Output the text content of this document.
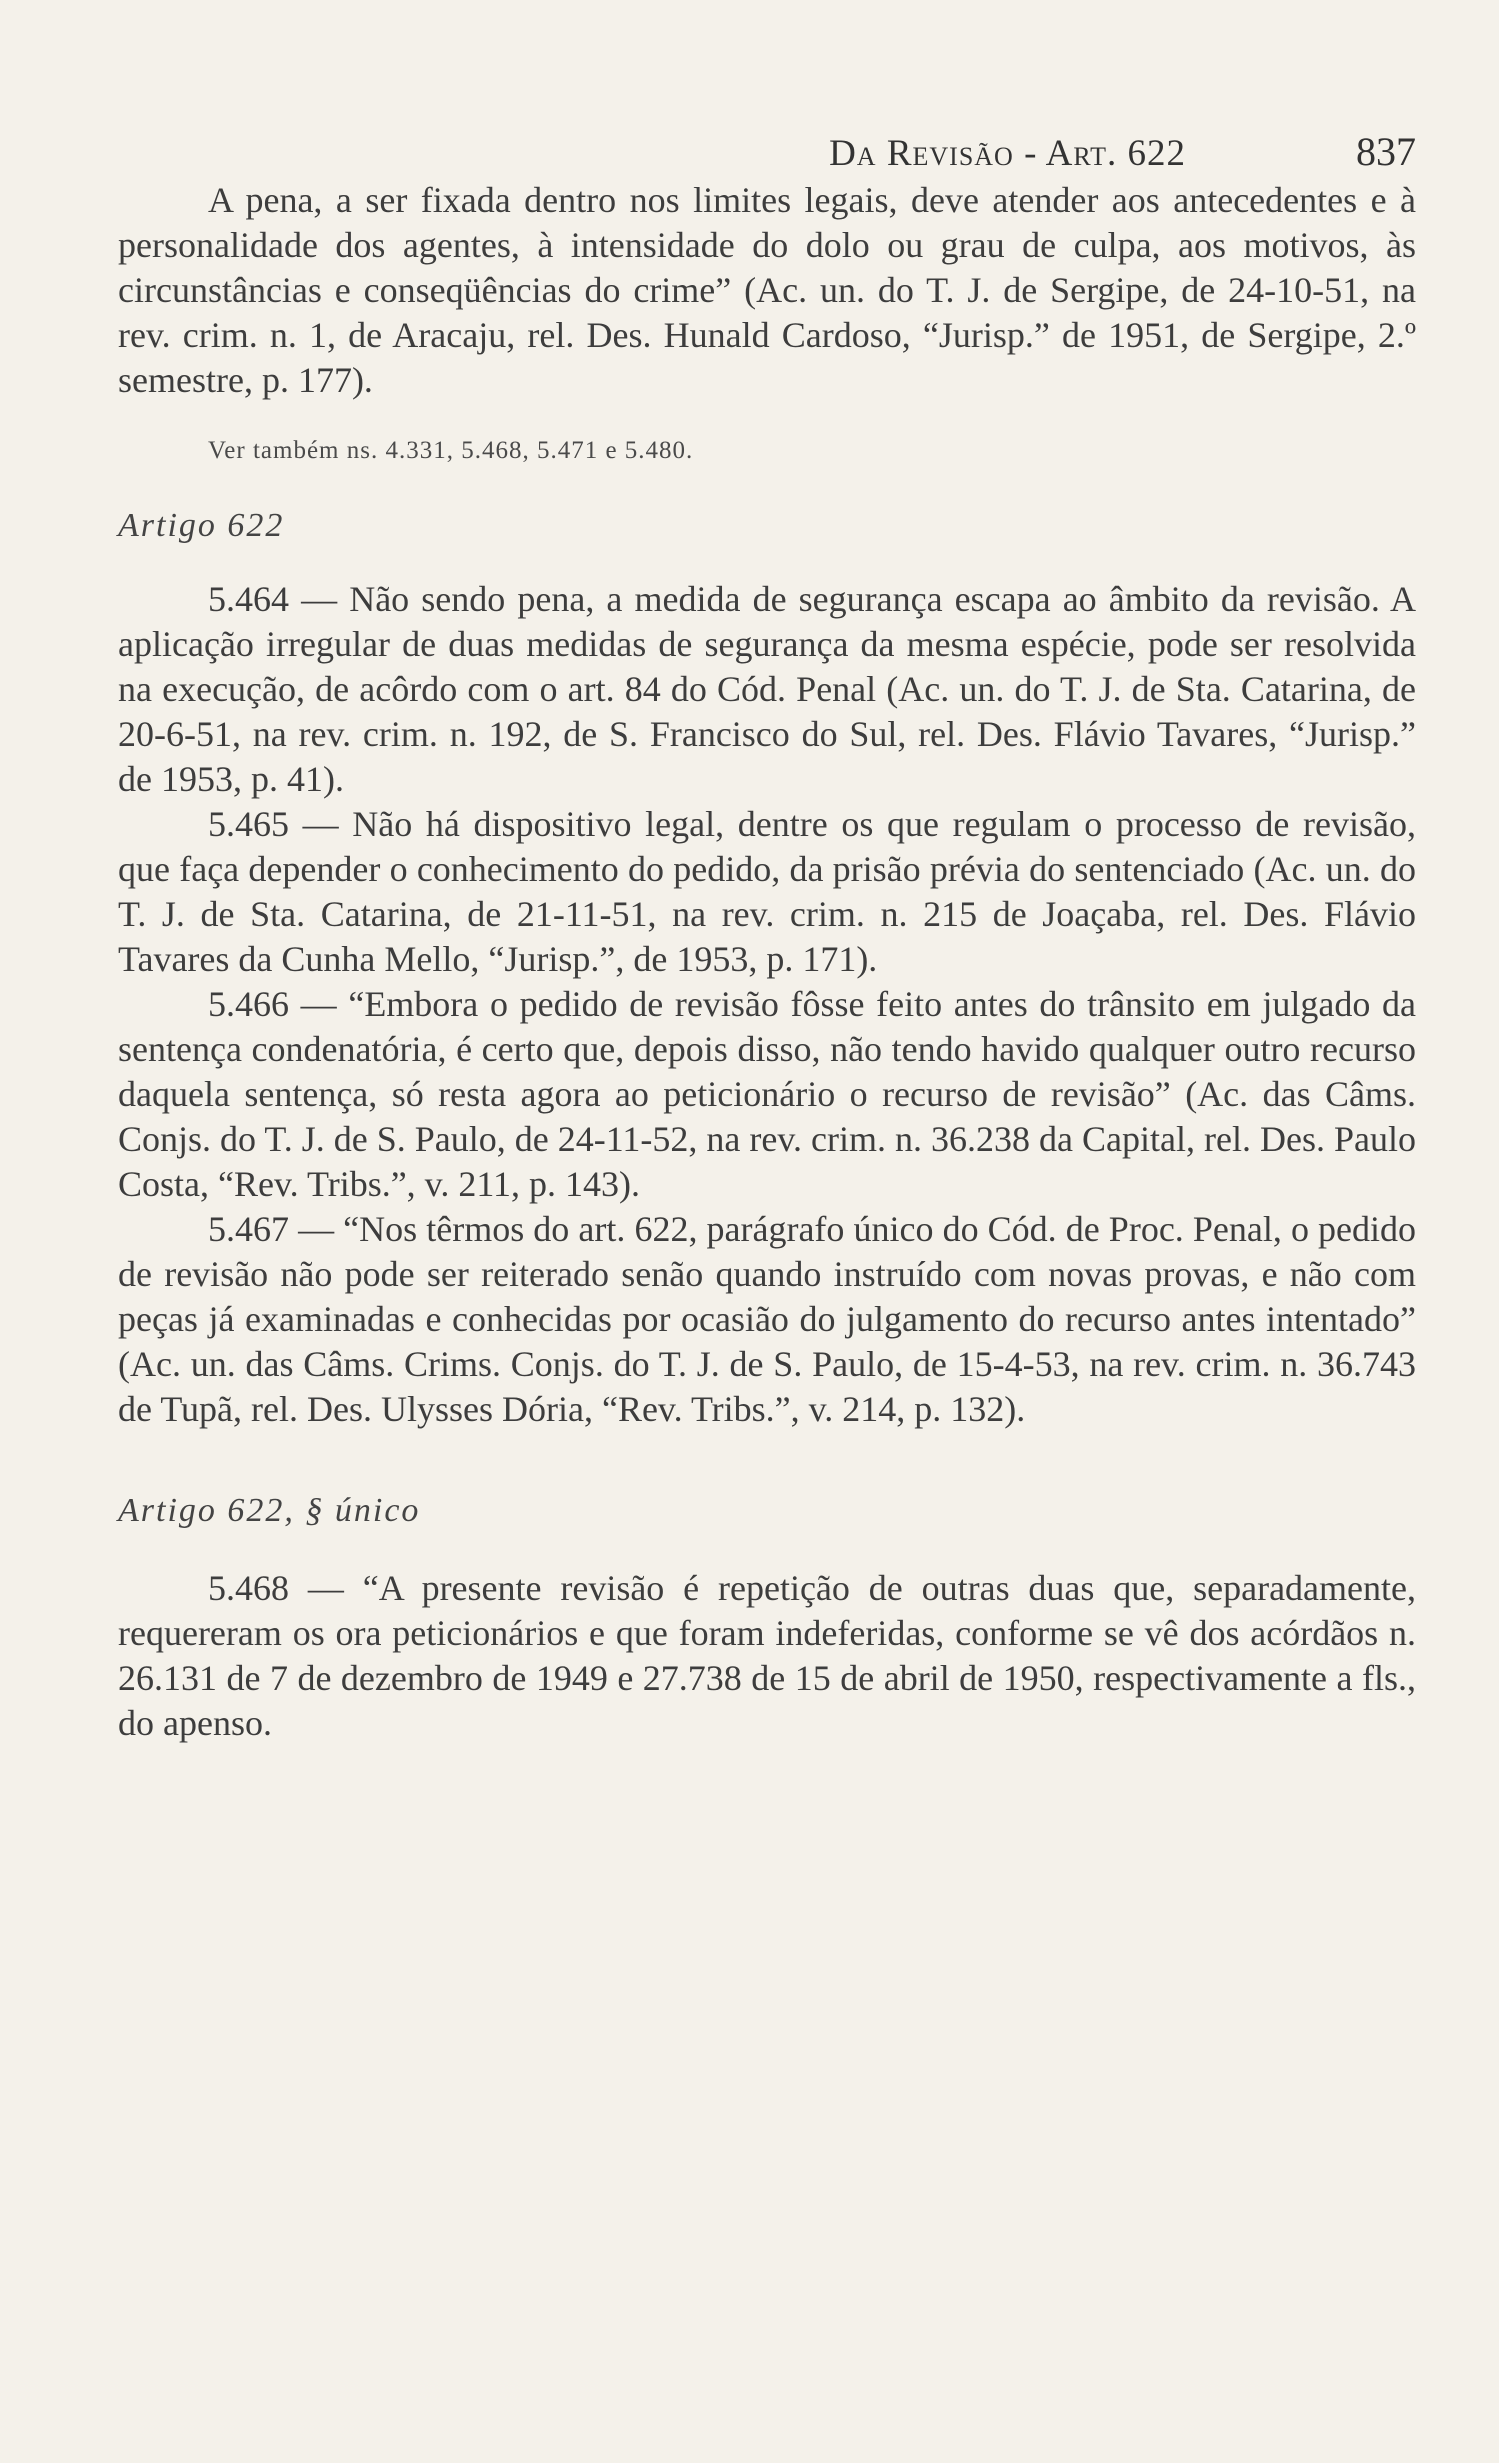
Da Revisão - Art. 622	837

A pena, a ser fixada dentro nos limites legais, deve atender aos antecedentes e à personalidade dos agentes, à intensidade do dolo ou grau de culpa, aos motivos, às circunstâncias e conseqüências do crime” (Ac. un. do T. J. de Sergipe, de 24-10-51, na rev. crim. n. 1, de Aracaju, rel. Des. Hunald Cardoso, “Jurisp.” de 1951, de Sergipe, 2.º semestre, p. 177).

Ver também ns. 4.331, 5.468, 5.471 e 5.480.
Artigo 622

5.464 — Não sendo pena, a medida de segurança escapa ao âmbito da revisão. A aplicação irregular de duas medidas de segurança da mesma espécie, pode ser resolvida na execução, de acôrdo com o art. 84 do Cód. Penal (Ac. un. do T. J. de Sta. Catarina, de 20-6-51, na rev. crim. n. 192, de S. Francisco do Sul, rel. Des. Flávio Tavares, “Jurisp.” de 1953, p. 41).

5.465 — Não há dispositivo legal, dentre os que regulam o processo de revisão, que faça depender o conhecimento do pedido, da prisão prévia do sentenciado (Ac. un. do T. J. de Sta. Catarina, de 21-11-51, na rev. crim. n. 215 de Joaçaba, rel. Des. Flávio Tavares da Cunha Mello, “Jurisp.”, de 1953, p. 171).

5.466 — “Embora o pedido de revisão fôsse feito antes do trânsito em julgado da sentença condenatória, é certo que, depois disso, não tendo havido qualquer outro recurso daquela sentença, só resta agora ao peticionário o recurso de revisão” (Ac. das Câms. Conjs. do T. J. de S. Paulo, de 24-11-52, na rev. crim. n. 36.238 da Capital, rel. Des. Paulo Costa, “Rev. Tribs.”, v. 211, p. 143).

5.467 — “Nos têrmos do art. 622, parágrafo único do Cód. de Proc. Penal, o pedido de revisão não pode ser reiterado senão quando instruído com novas provas, e não com peças já examinadas e conhecidas por ocasião do julgamento do recurso antes intentado” (Ac. un. das Câms. Crims. Conjs. do T. J. de S. Paulo, de 15-4-53, na rev. crim. n. 36.743 de Tupã, rel. Des. Ulysses Dória, “Rev. Tribs.”, v. 214, p. 132).

Artigo 622, § único

5.468 — “A presente revisão é repetição de outras duas que, separadamente, requereram os ora peticionários e que foram indeferidas, conforme se vê dos acórdãos n. 26.131 de 7 de dezembro de 1949 e 27.738 de 15 de abril de 1950, respectivamente a fls., do apenso.
